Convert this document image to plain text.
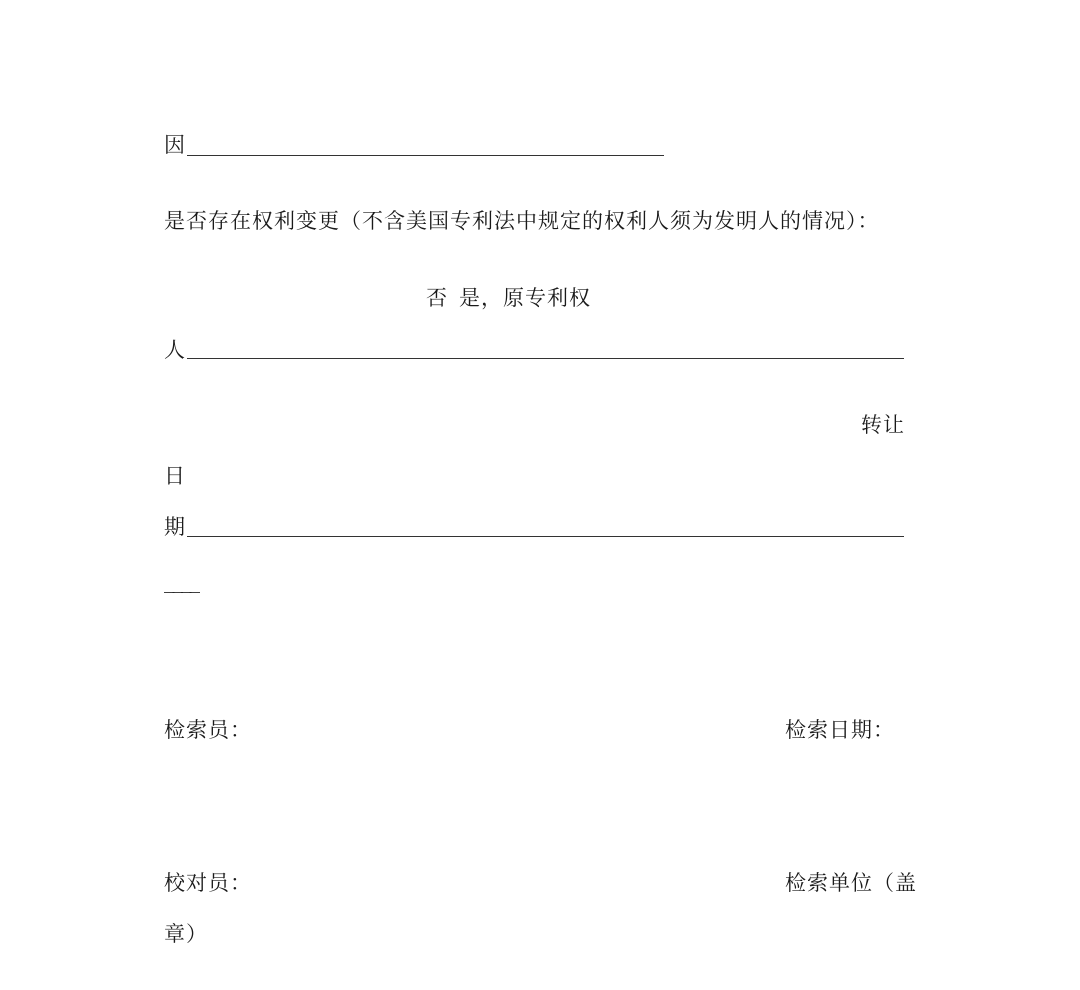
因
是否存在权利变更（不含美国专利法中规定的权利人须为发明人的情况）：
否 是，原专利权
人
转让
日
期
____
检索员：	检索日期：
校对员：	检索单位（盖
章）
